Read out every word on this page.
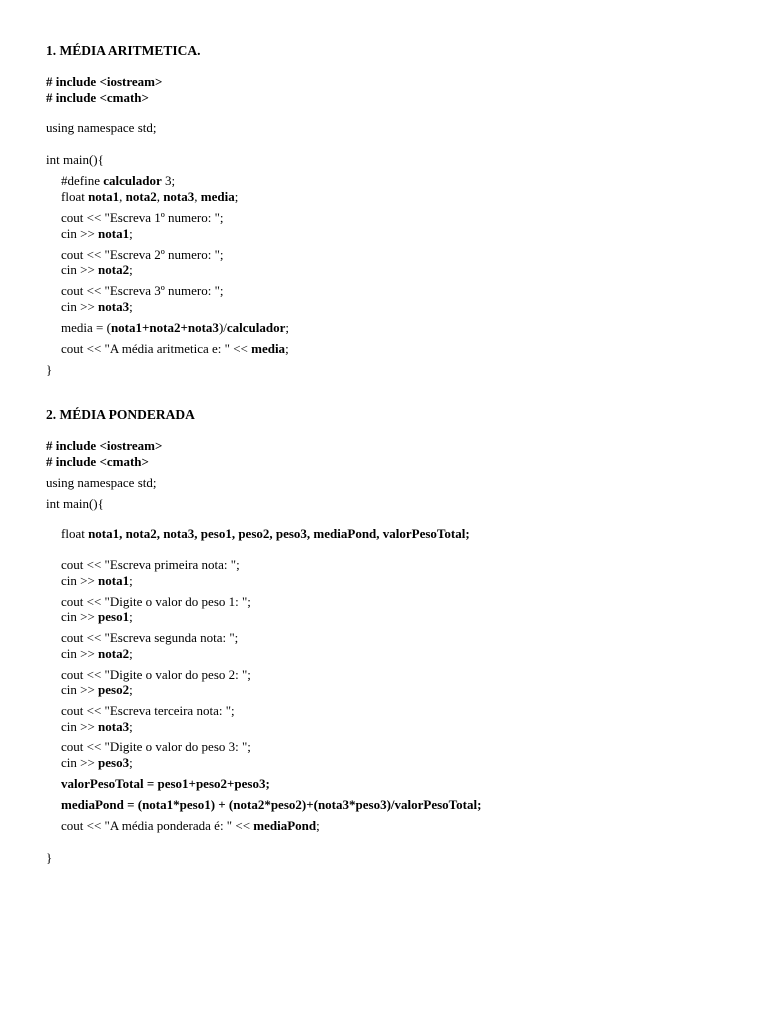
1. MÉDIA ARITMETICA.
# include <iostream>
# include <cmath>
using namespace std;
int main(){
#define calculador 3;
float nota1, nota2, nota3, media;
cout << "Escreva 1º numero: ";
cin >> nota1;
cout << "Escreva 2º numero: ";
cin >> nota2;
cout << "Escreva 3º numero: ";
cin >> nota3;
media = (nota1+nota2+nota3)/calculador;
cout << "A média aritmetica e: " << media;
}
2. MÉDIA PONDERADA
# include <iostream>
# include <cmath>
using namespace std;
int main(){
float nota1, nota2, nota3, peso1, peso2, peso3, mediaPond, valorPesoTotal;
cout << "Escreva primeira nota: ";
cin >> nota1;
cout << "Digite o valor do peso 1: ";
cin >> peso1;
cout << "Escreva segunda nota: ";
cin >> nota2;
cout << "Digite o valor do peso 2: ";
cin >> peso2;
cout << "Escreva terceira nota: ";
cin >> nota3;
cout << "Digite o valor do peso 3: ";
cin >> peso3;
valorPesoTotal = peso1+peso2+peso3;
mediaPond = (nota1*peso1) + (nota2*peso2)+(nota3*peso3)/valorPesoTotal;
cout << "A média ponderada é: " << mediaPond;
}
